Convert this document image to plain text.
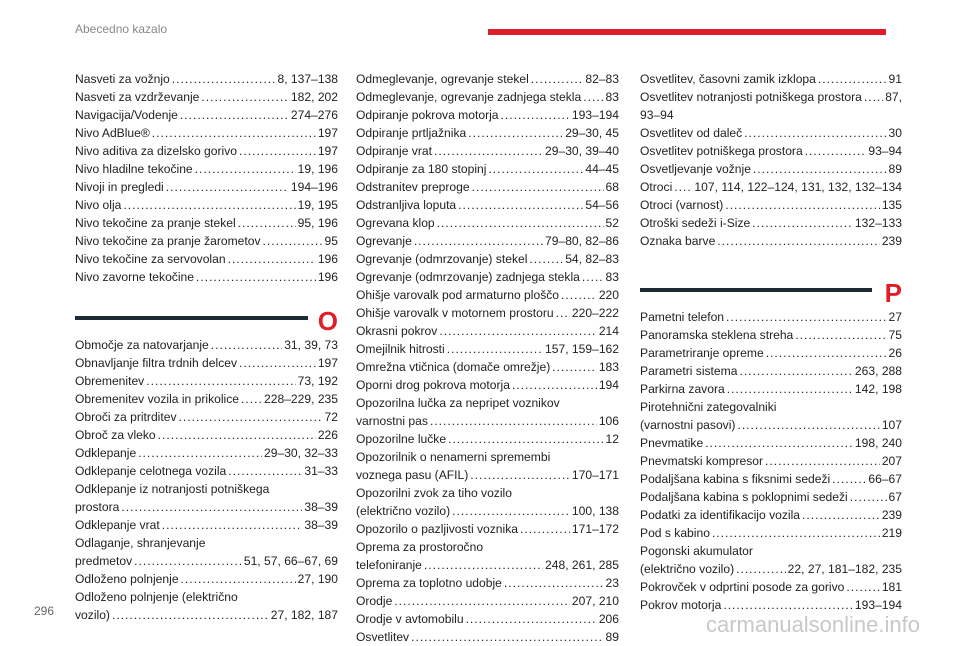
Abecedno kazalo
Nasveti za vožnjo .....	8, 137–138
Nasveti za vzdrževanje .....	182, 202
Navigacija/Vodenje .....	274–276
Nivo AdBlue® .....	197
Nivo aditiva za dizelsko gorivo .....	197
Nivo hladilne tekočine .....	19, 196
Nivoji in pregledi .....	194–196
Nivo olja .....	19, 195
Nivo tekočine za pranje stekel .....	95, 196
Nivo tekočine za pranje žarometov .....	95
Nivo tekočine za servovolan .....	196
Nivo zavorne tekočine .....	196
O
Območje za natovarjanje .....	31, 39, 73
Obnavljanje filtra trdnih delcev .....	197
Obremenitev .....	73, 192
Obremenitev vozila in prikolice ..... 228–229, 235
Obroči za pritrditev .....	72
Obroč za vleko .....	226
Odklepanje .....	29–30, 32–33
Odklepanje celotnega vozila .....	31–33
Odklepanje iz notranjosti potniškega
prostora .....	38–39
Odklepanje vrat .....	38–39
Odlaganje, shranjevanje
predmetov .....	51, 57, 66–67, 69
Odloženo polnjenje .....	27, 190
Odloženo polnjenje (električno
vozilo) .....	27, 182, 187
Odmeglevanje, ogrevanje stekel .....	82–83
Odmeglevanje, ogrevanje zadnjega stekla ..... 83
Odpiranje pokrova motorja .....	193–194
Odpiranje prtljažnika .....	29–30, 45
Odpiranje vrat .....	29–30, 39–40
Odpiranje za 180 stopinj .....	44–45
Odstranitev preproge .....	68
Odstranljiva loputa .....	54–56
Ogrevana klop .....	52
Ogrevanje .....	79–80, 82–86
Ogrevanje (odmrzovanje) stekel .....	54, 82–83
Ogrevanje (odmrzovanje) zadnjega stekla ..... 83
Ohišje varovalk pod armaturno ploščo .....	220
Ohišje varovalk v motornem prostoru ..... 220–222
Okrasni pokrov .....	214
Omejilnik hitrosti .....	157, 159–162
Omrežna vtičnica (domače omrežje) .....	183
Oporni drog pokrova motorja .....	194
Opozorilna lučka za nepripet voznikov
varnostni pas .....	106
Opozorilne lučke .....	12
Opozorilnik o nenamerni spremembi
voznega pasu (AFIL) .....	170–171
Opozorilni zvok za tiho vozilo
(električno vozilo) .....	100, 138
Opozorilo o pazljivosti voznika .....	171–172
Oprema za prostoročno
telefoniranje .....	248, 261, 285
Oprema za toplotno udobje .....	23
Orodje .....	207, 210
Orodje v avtomobilu .....	206
Osvetlitev .....	89
Osvetlitev, časovni zamik izklopa .....	91
Osvetlitev notranjosti potniškega prostora ..... 87,
93–94
Osvetlitev od daleč .....	30
Osvetlitev potniškega prostora .....	93–94
Osvetljevanje vožnje .....	89
Otroci ..... 107, 114, 122–124, 131, 132, 132–134
Otroci (varnost) .....	135
Otroški sedeži i-Size .....	132–133
Oznaka barve .....	239
P
Pametni telefon .....	27
Panoramska steklena streha .....	75
Parametriranje opreme .....	26
Parametri sistema .....	263, 288
Parkirna zavora .....	142, 198
Pirotehnični zategovalniki
(varnostni pasovi) .....	107
Pnevmatike .....	198, 240
Pnevmatski kompresor .....	207
Podaljšana kabina s fiksnimi sedeži .....	66–67
Podaljšana kabina s poklopnimi sedeži .....	67
Podatki za identifikacijo vozila .....	239
Pod s kabino .....	219
Pogonski akumulator
(električno vozilo) .....	22, 27, 181–182, 235
Pokrovček v odprtini posode za gorivo .....	181
Pokrov motorja .....	193–194
296
carmanualsonline.info
